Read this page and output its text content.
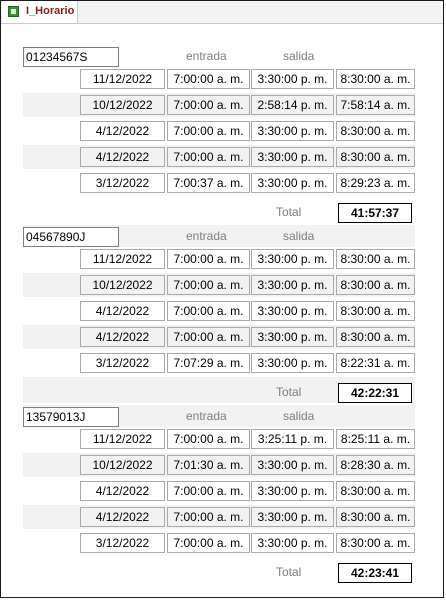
I_Horario
01234567S	entrada	salida
11/12/2022	7:00:00 a. m.	3:30:00 p. m.	8:30:00 a. m.
10/12/2022	7:00:00 a. m.	2:58:14 p. m.	7:58:14 a. m.
4/12/2022	7:00:00 a. m.	3:30:00 p. m.	8:30:00 a. m.
4/12/2022	7:00:00 a. m.	3:30:00 p. m.	8:30:00 a. m.
3/12/2022	7:00:37 a. m.	3:30:00 p. m.	8:29:23 a. m.
Total	41:57:37
04567890J	entrada	salida
11/12/2022	7:00:00 a. m.	3:30:00 p. m.	8:30:00 a. m.
10/12/2022	7:00:00 a. m.	3:30:00 p. m.	8:30:00 a. m.
4/12/2022	7:00:00 a. m.	3:30:00 p. m.	8:30:00 a. m.
4/12/2022	7:00:00 a. m.	3:30:00 p. m.	8:30:00 a. m.
3/12/2022	7:07:29 a. m.	3:30:00 p. m.	8:22:31 a. m.
Total	42:22:31
13579013J	entrada	salida
11/12/2022	7:00:00 a. m.	3:25:11 p. m.	8:25:11 a. m.
10/12/2022	7:01:30 a. m.	3:30:00 p. m.	8:28:30 a. m.
4/12/2022	7:00:00 a. m.	3:30:00 p. m.	8:30:00 a. m.
4/12/2022	7:00:00 a. m.	3:30:00 p. m.	8:30:00 a. m.
3/12/2022	7:00:00 a. m.	3:30:00 p. m.	8:30:00 a. m.
Total	42:23:41
